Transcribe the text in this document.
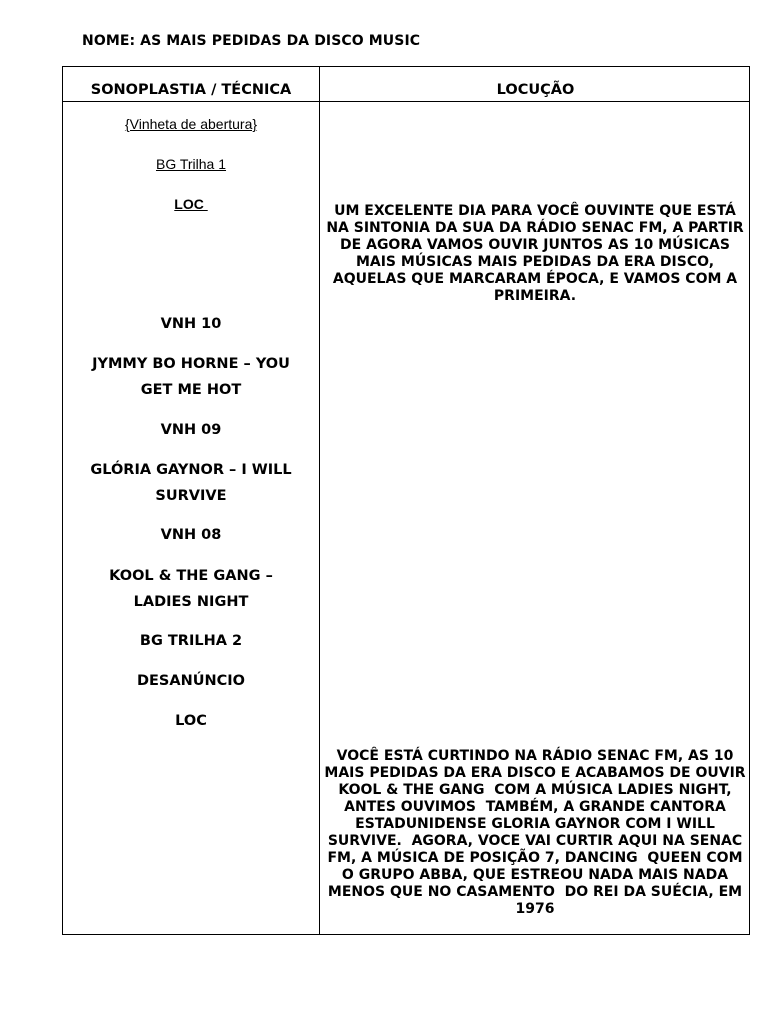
NOME: AS MAIS PEDIDAS DA DISCO MUSIC
SONOPLASTIA / TÉCNICA	LOCUÇÃO
{Vinheta de abertura}
BG Trilha 1
LOC
VNH 10
JYMMY BO HORNE – YOU GET ME HOT
VNH 09
GLÓRIA GAYNOR – I WILL SURVIVE
VNH 08
KOOL & THE GANG – LADIES NIGHT
BG TRILHA 2
DESANÚNCIO
LOC
UM EXCELENTE DIA PARA VOCÊ OUVINTE QUE ESTÁ NA SINTONIA DA SUA DA RÁDIO SENAC FM, A PARTIR DE AGORA VAMOS OUVIR JUNTOS AS 10 MÚSICAS MAIS MÚSICAS MAIS PEDIDAS DA ERA DISCO, AQUELAS QUE MARCARAM ÉPOCA, E VAMOS COM A PRIMEIRA.
VOCÊ ESTÁ CURTINDO NA RÁDIO SENAC FM, AS 10 MAIS PEDIDAS DA ERA DISCO E ACABAMOS DE OUVIR   KOOL & THE GANG  COM A MÚSICA LADIES NIGHT, ANTES OUVIMOS  TAMBÉM, A GRANDE CANTORA ESTADUNIDENSE GLORIA GAYNOR COM I WILL SURVIVE.  AGORA, VOCE VAI CURTIR AQUI NA SENAC FM, A MÚSICA DE POSIÇÃO 7, DANCING  QUEEN COM O GRUPO ABBA, QUE ESTREOU NADA MAIS NADA MENOS QUE NO CASAMENTO  DO REI DA SUÉCIA, EM 1976
